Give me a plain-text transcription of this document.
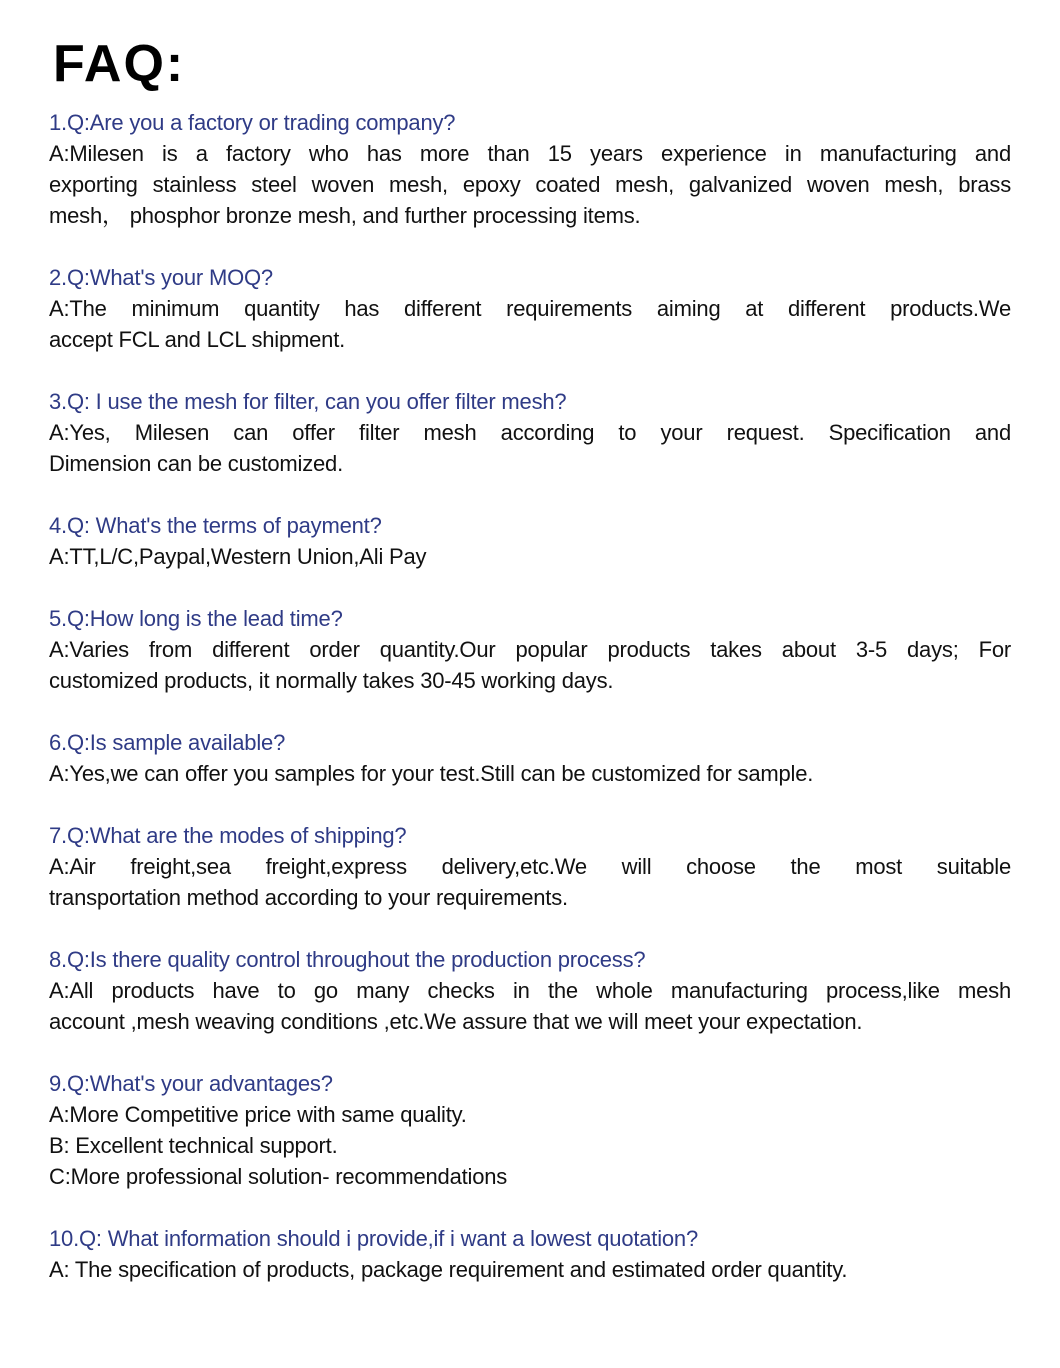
FAQ:
1.Q:Are you a factory or trading company?
A:Milesen is a factory who has more than 15 years experience in manufacturing and
exporting stainless steel woven mesh, epoxy coated mesh, galvanized woven mesh, brass
mesh， phosphor bronze mesh, and further processing items.
2.Q:What's your MOQ?
A:The minimum quantity has different requirements aiming at different products.We
accept FCL and LCL shipment.
3.Q: I use the mesh for filter, can you offer filter mesh?
A:Yes, Milesen can offer filter mesh according to your request. Specification and
Dimension can be customized.
4.Q: What's the terms of payment?
A:TT,L/C,Paypal,Western Union,Ali Pay
5.Q:How long is the lead time?
A:Varies from different order quantity.Our popular products takes about 3-5 days; For
customized products, it normally takes 30-45 working days.
6.Q:Is sample available?
A:Yes,we can offer you samples for your test.Still can be customized for sample.
7.Q:What are the modes of shipping?
A:Air freight,sea freight,express delivery,etc.We will choose the most suitable
transportation method according to your requirements.
8.Q:Is there quality control throughout the production process?
A:All products have to go many checks in the whole manufacturing process,like mesh
account ,mesh weaving conditions ,etc.We assure that we will meet your expectation.
9.Q:What's your advantages?
A:More Competitive price with same quality.
B: Excellent technical support.
C:More professional solution- recommendations
10.Q: What information should i provide,if i want a lowest quotation?
A: The specification of products, package requirement and estimated order quantity.
